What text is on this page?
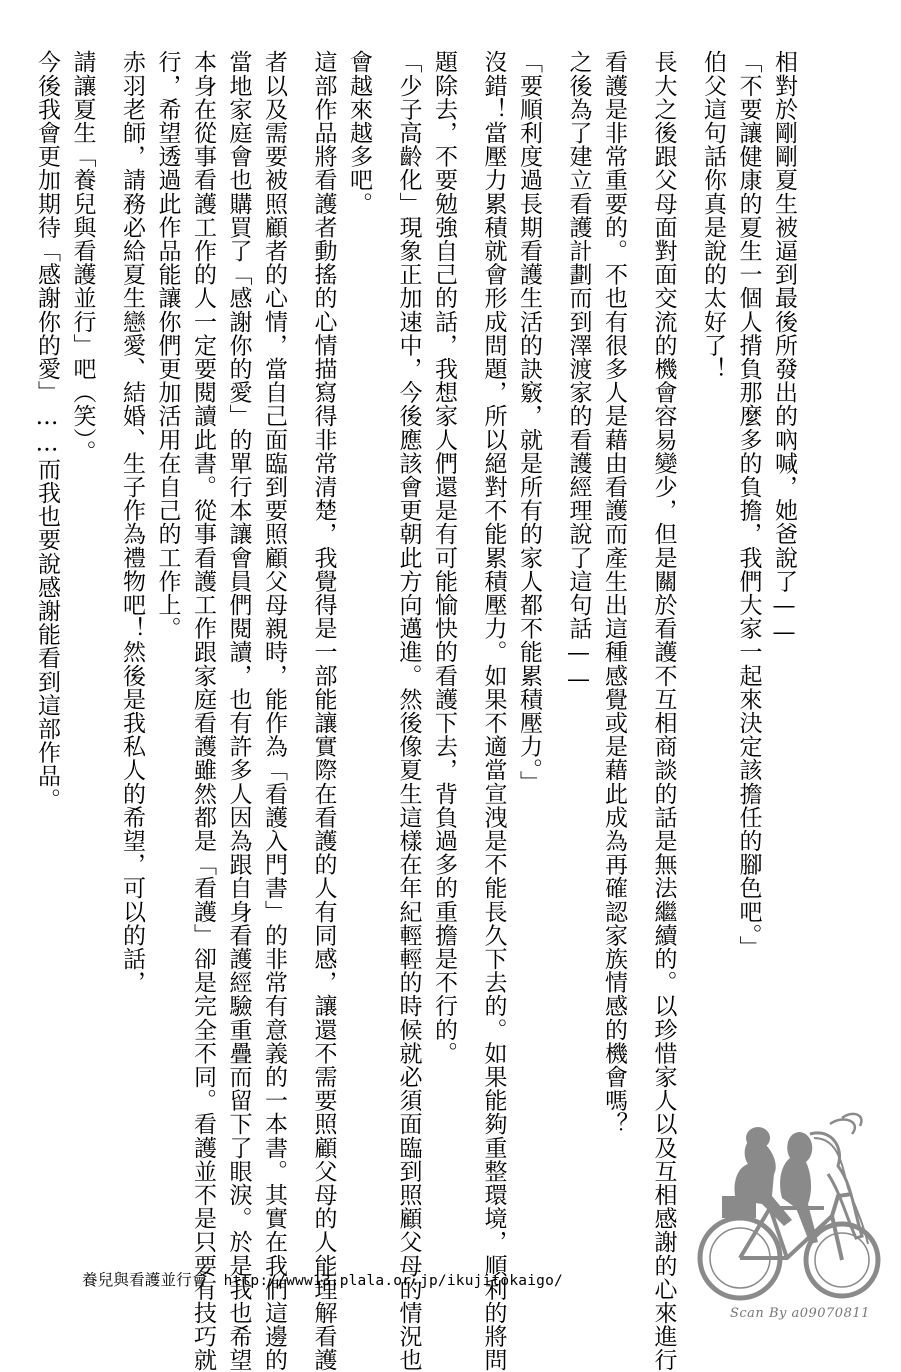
相對於剛剛夏生被逼到最後所發出的吶喊，她爸說了——

「不要讓健康的夏生一個人揹負那麼多的負擔，我們大家一起來決定該擔任的腳色吧。」

伯父這句話你真是說的太好了！

長大之後跟父母面對面交流的機會容易變少，但是關於看護不互相商談的話是無法繼續的。以珍惜家人以及互相感謝的心來進行

看護是非常重要的。不也有很多人是藉由看護而產生出這種感覺或是藉此成為再確認家族情感的機會嗎？

之後為了建立看護計劃而到澤渡家的看護經理說了這句話——

「要順利度過長期看護生活的訣竅，就是所有的家人都不能累積壓力。」

沒錯！當壓力累積就會形成問題，所以絕對不能累積壓力。如果不適當宣洩是不能長久下去的。如果能夠重整環境，順利的將問

題除去，不要勉強自己的話，我想家人們還是有可能愉快的看護下去，背負過多的重擔是不行的。

「少子高齡化」現象正加速中，今後應該會更朝此方向邁進。然後像夏生這樣在年紀輕輕的時候就必須面臨到照顧父母的情況也

會越來越多吧。

這部作品將看護者動搖的心情描寫得非常清楚，我覺得是一部能讓實際在看護的人有同感，讓還不需要照顧父母的人能理解看護

者以及需要被照顧者的心情，當自己面臨到要照顧父母親時，能作為「看護入門書」的非常有意義的一本書。其實在我們這邊的

當地家庭會也購買了「感謝你的愛」的單行本讓會員們閱讀，也有許多人因為跟自身看護經驗重疊而留下了眼淚。於是我也希望

本身在從事看護工作的人一定要閱讀此書。從事看護工作跟家庭看護雖然都是「看護」卻是完全不同。看護並不是只要有技巧就

行，希望透過此作品能讓你們更加活用在自己的工作上。

赤羽老師，請務必給夏生戀愛、結婚、生子作為禮物吧！然後是我私人的希望，可以的話，

請讓夏生「養兒與看護並行」吧（笑）。

今後我會更加期待「感謝你的愛」……而我也要說感謝能看到這部作品。

養兒與看護並行會 http://www13.plala.or.jp/ikujitokaigo/
Scan By a09070811
